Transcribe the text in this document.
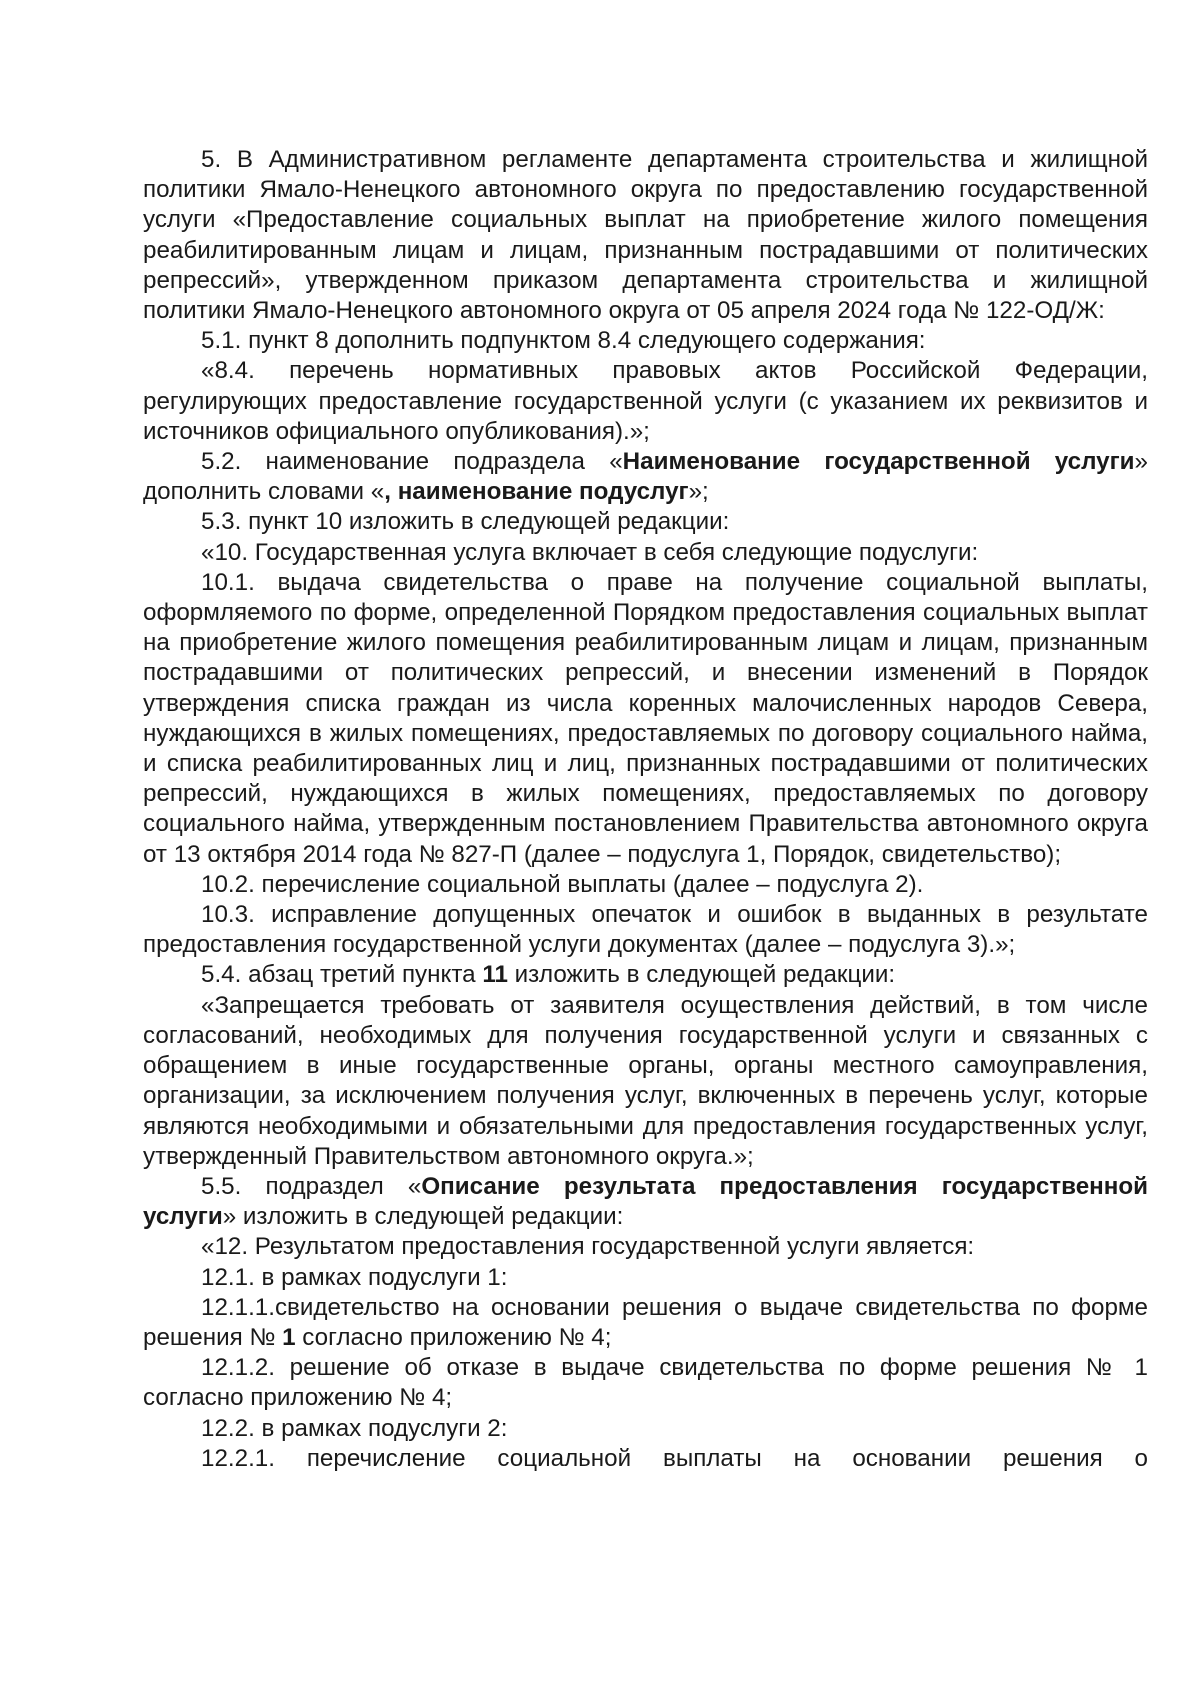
5. В Административном регламенте департамента строительства и жилищной политики Ямало-Ненецкого автономного округа по предоставлению государственной услуги «Предоставление социальных выплат на приобретение жилого помещения реабилитированным лицам и лицам, признанным пострадавшими от политических репрессий», утвержденном приказом департамента строительства и жилищной политики Ямало-Ненецкого автономного округа от 05 апреля 2024 года № 122-ОД/Ж:

5.1. пункт 8 дополнить подпунктом 8.4 следующего содержания:

«8.4. перечень нормативных правовых актов Российской Федерации, регулирующих предоставление государственной услуги (с указанием их реквизитов и источников официального опубликования).»;

5.2. наименование подраздела «Наименование государственной услуги» дополнить словами «, наименование подуслуг»;

5.3. пункт 10 изложить в следующей редакции:

«10. Государственная услуга включает в себя следующие подуслуги:

10.1. выдача свидетельства о праве на получение социальной выплаты, оформляемого по форме, определенной Порядком предоставления социальных выплат на приобретение жилого помещения реабилитированным лицам и лицам, признанным пострадавшими от политических репрессий, и внесении изменений в Порядок утверждения списка граждан из числа коренных малочисленных народов Севера, нуждающихся в жилых помещениях, предоставляемых по договору социального найма, и списка реабилитированных лиц и лиц, признанных пострадавшими от политических репрессий, нуждающихся в жилых помещениях, предоставляемых по договору социального найма, утвержденным постановлением Правительства автономного округа от 13 октября 2014 года № 827-П (далее – подуслуга 1, Порядок, свидетельство);

10.2. перечисление социальной выплаты (далее – подуслуга 2).

10.3. исправление допущенных опечаток и ошибок в выданных в результате предоставления государственной услуги документах (далее – подуслуга 3).»;

5.4. абзац третий пункта 11 изложить в следующей редакции:

«Запрещается требовать от заявителя осуществления действий, в том числе согласований, необходимых для получения государственной услуги и связанных с обращением в иные государственные органы, органы местного самоуправления, организации, за исключением получения услуг, включенных в перечень услуг, которые являются необходимыми и обязательными для предоставления государственных услуг, утвержденный Правительством автономного округа.»;

5.5. подраздел «Описание результата предоставления государственной услуги» изложить в следующей редакции:

«12. Результатом предоставления государственной услуги является:

12.1. в рамках подуслуги 1:

12.1.1.свидетельство на основании решения о выдаче свидетельства по форме решения № 1 согласно приложению № 4;

12.1.2. решение об отказе в выдаче свидетельства по форме решения № 1 согласно приложению № 4;

12.2. в рамках подуслуги 2:

12.2.1. перечисление социальной выплаты на основании решения о
